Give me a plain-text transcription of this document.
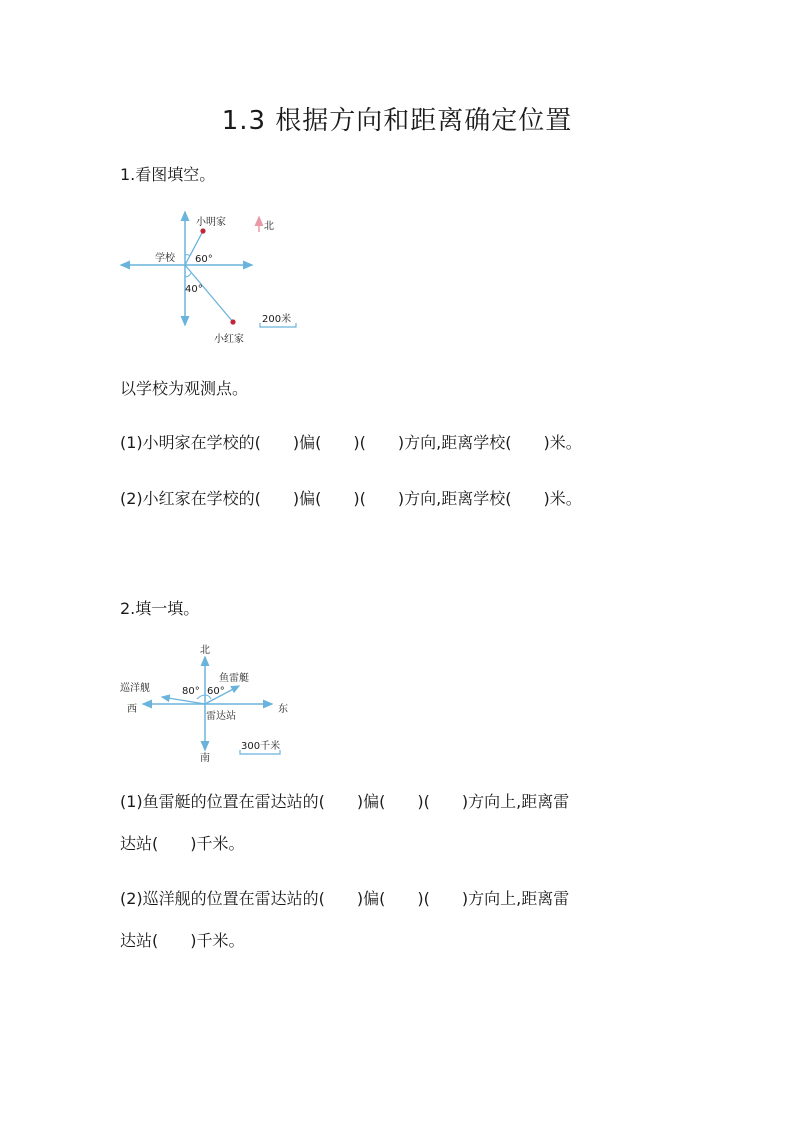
1.3 根据方向和距离确定位置
1.看图填空。
小明家	北
学校 60°
40°
200米
小红家
以学校为观测点。
(1)小明家在学校的(　　)偏(　　)(　　)方向,距离学校(　　)米。
(2)小红家在学校的(　　)偏(　　)(　　)方向,距离学校(　　)米。
2.填一填。
北
巡洋舰
鱼雷艇
80° 60°
西	东
雷达站
300千米
南
(1)鱼雷艇的位置在雷达站的(　　)偏(　　)(　　)方向上,距离雷
达站(　　)千米。
(2)巡洋舰的位置在雷达站的(　　)偏(　　)(　　)方向上,距离雷
达站(　　)千米。
